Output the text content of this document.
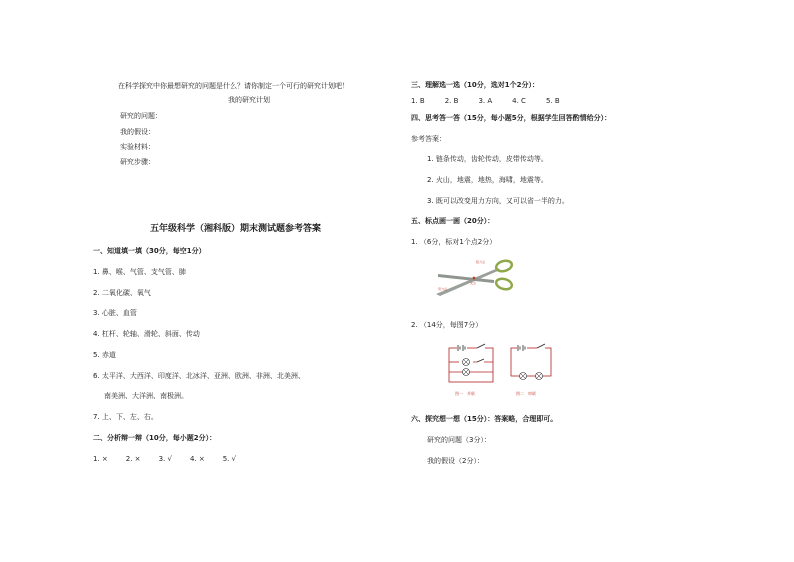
在科学探究中你最想研究的问题是什么？请你制定一个可行的研究计划吧！
我的研究计划
研究的问题：
我的假设：
实验材料：
研究步骤：
五年级科学（湘科版）期末测试题参考答案
一、知道填一填（30分，每空1分）
1. 鼻、喉、气管、支气管、肺
2. 二氧化碳、氧气
3. 心脏、血管
4. 杠杆、轮轴、滑轮、斜面、传动
5. 赤道
6. 太平洋、大西洋、印度洋、北冰洋、亚洲、欧洲、非洲、北美洲、
南美洲、大洋洲、南极洲。
7. 上、下、左、右。
二、分析辩一辩（10分，每小题2分）：
1. ×	2. ×	3. √	4. ×	5. √
三、理解选一选（10分，选对1个2分）：
1. B	2. B	3. A	4. C	5. B
四、思考答一答（15分，每小题5分，根据学生回答酌情给分）：
参考答案：
1. 链条传动，齿轮传动，皮带传动等。
2. 火山，地震，地热，海啸，地震等。
3. 既可以改变用力方向，又可以省一半的力。
五、标点画一画（20分）：
1. （6分，标对1个点2分）
阻力点
支点
用力点
2. （14分，每图7分）
图一　并联	图二　串联
六、探究想一想（15分）：答案略，合理即可。
研究的问题（3分）：
我的假设（2分）：
